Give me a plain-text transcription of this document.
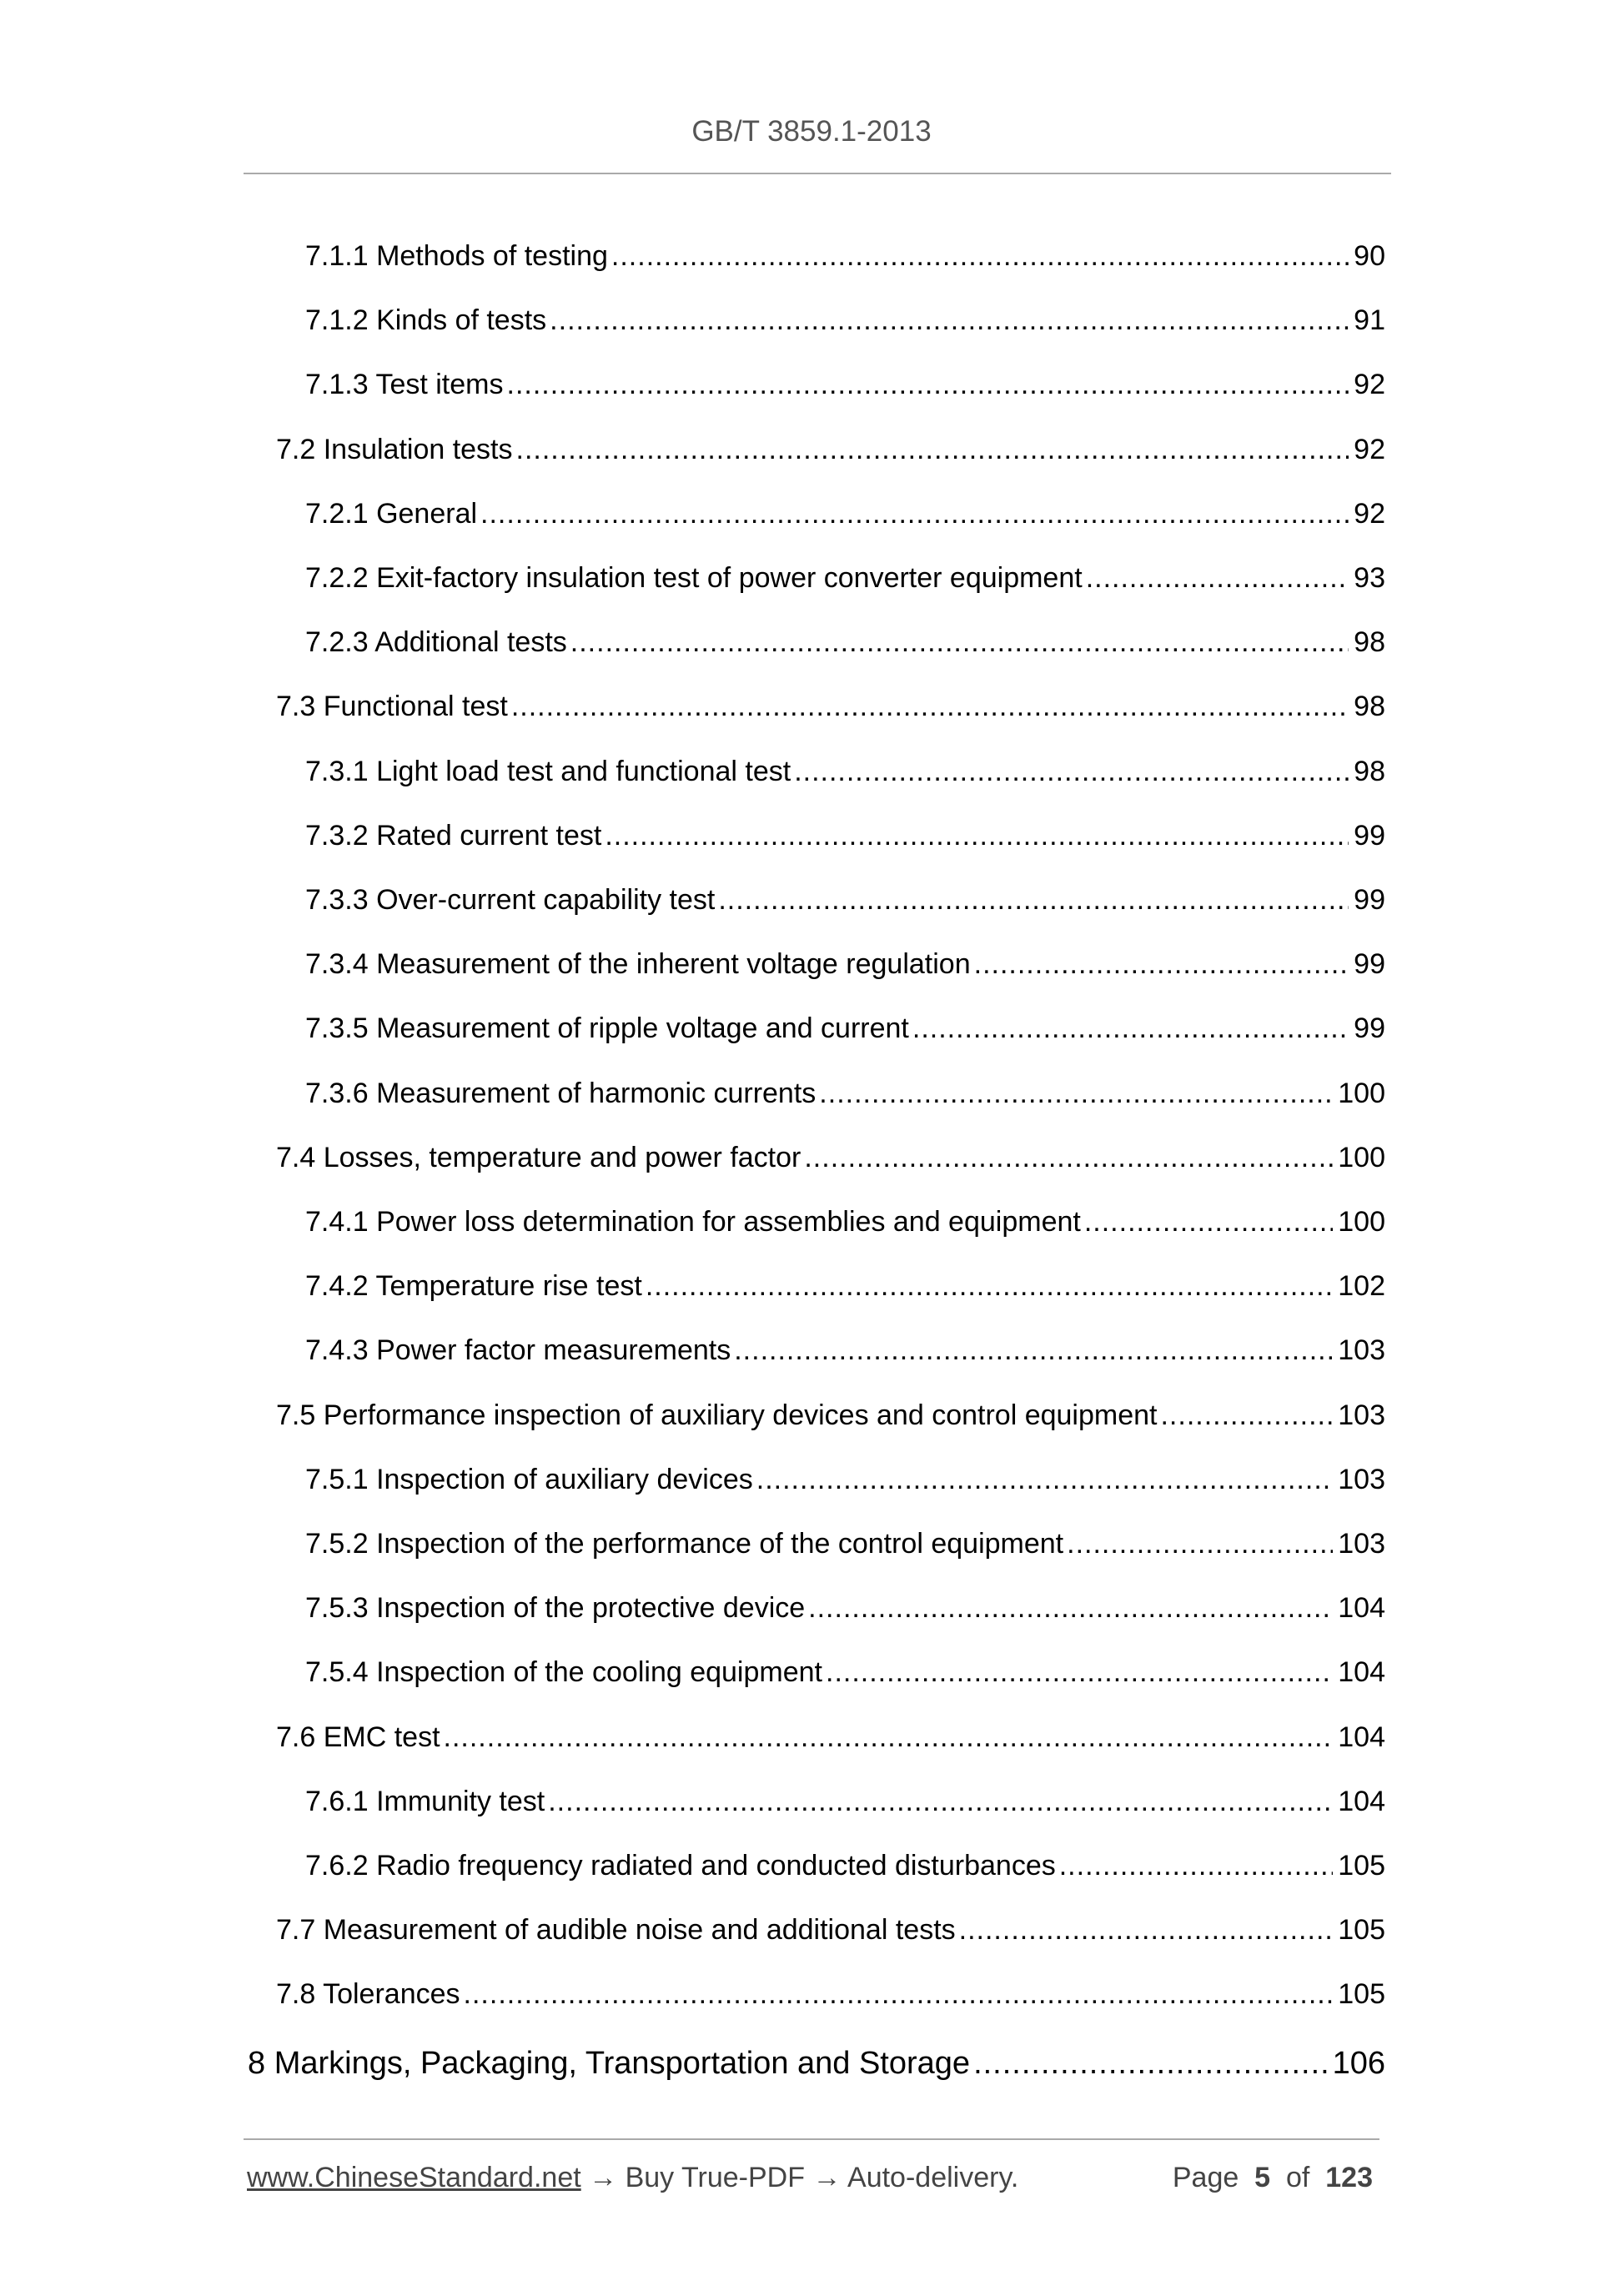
GB/T 3859.1-2013
7.1.1 Methods of testing .....	90
7.1.2 Kinds of tests .....	91
7.1.3 Test items .....	92
7.2 Insulation tests .....	92
7.2.1 General .....	92
7.2.2 Exit-factory insulation test of power converter equipment .....	93
7.2.3 Additional tests .....	98
7.3 Functional test .....	98
7.3.1 Light load test and functional test .....	98
7.3.2 Rated current test .....	99
7.3.3 Over-current capability test .....	99
7.3.4 Measurement of the inherent voltage regulation .....	99
7.3.5 Measurement of ripple voltage and current .....	99
7.3.6 Measurement of harmonic currents .....	100
7.4 Losses, temperature and power factor .....	100
7.4.1 Power loss determination for assemblies and equipment .....	100
7.4.2 Temperature rise test .....	102
7.4.3 Power factor measurements .....	103
7.5 Performance inspection of auxiliary devices and control equipment .....	103
7.5.1 Inspection of auxiliary devices .....	103
7.5.2 Inspection of the performance of the control equipment .....	103
7.5.3 Inspection of the protective device .....	104
7.5.4 Inspection of the cooling equipment .....	104
7.6 EMC test .....	104
7.6.1 Immunity test .....	104
7.6.2 Radio frequency radiated and conducted disturbances .....	105
7.7 Measurement of audible noise and additional tests .....	105
7.8 Tolerances .....	105
8 Markings, Packaging, Transportation and Storage .....	106
www.ChineseStandard.net → Buy True-PDF → Auto-delivery.	Page 5 of 123
